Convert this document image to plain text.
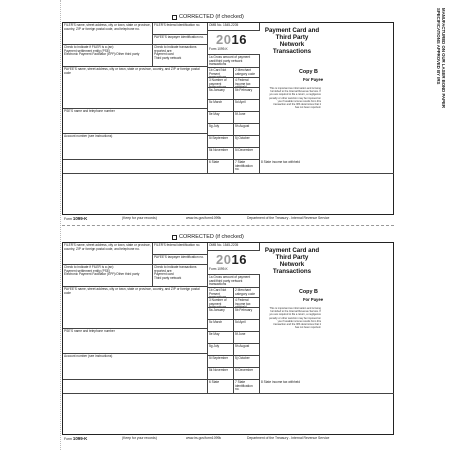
CORRECTED (if checked)
FILER'S name, street address, city or town, state or province, country, ZIP or foreign postal code, and telephone no.
FILER'S federal identification no.	OMB No. 1545-2205
PAYEE'S taxpayer identification no. 2016
Form 1099-K
Payment Card and Third Party Network Transactions
Copy B
For Payee
This is important tax information and is being furnished to the Internal Revenue Service. If you are required to file a return, a negligence penalty or other sanction may be imposed on you if taxable income results from this transaction and the IRS determines that it has not been reported.
Check to indicate if FILER is a (an):
Payment settlement entity (PSE)
Electronic Payment Facilitator (EPF)/Other third party
Check to indicate transactions reported are:
Payment card
Third party network	1a Gross amount of payment card/third party network transactions
PAYEE'S name, street address, city or town, state or province, country, and ZIP or foreign postal code
1b Card Not Present transactions
2 Merchant category code
3 Number of payment transactions
4 Federal income tax withheld
5a January	5b February
5c March	5d April
5e May	5f June
5g July	5h August
5i September	5j October
5k November	5l December
PSE'S name and telephone number
Account number (see instructions)
6 State	7 State identification no.
8 State income tax withheld
Form 1099-K	(Keep for your records)	www.irs.gov/form1099k	Department of the Treasury - Internal Revenue Service
CORRECTED (if checked)
FILER'S name, street address, city or town, state or province, country, ZIP or foreign postal code, and telephone no.
FILER'S federal identification no.	OMB No. 1545-2205
PAYEE'S taxpayer identification no. 2016
Form 1099-K
Payment Card and Third Party Network Transactions
Copy B
For Payee
This is important tax information and is being furnished to the Internal Revenue Service. If you are required to file a return, a negligence penalty or other sanction may be imposed on you if taxable income results from this transaction and the IRS determines that it has not been reported.
Check to indicate if FILER is a (an):
Payment settlement entity (PSE)
Electronic Payment Facilitator (EPF)/Other third party
Check to indicate transactions reported are:
Payment card
Third party network	1a Gross amount of payment card/third party network transactions
PAYEE'S name, street address, city or town, state or province, country, and ZIP or foreign postal code
1b Card Not Present transactions
2 Merchant category code
3 Number of payment transactions
4 Federal income tax withheld
5a January	5b February
5c March	5d April
5e May	5f June
5g July	5h August
5i September	5j October
5k November	5l December
PSE'S name and telephone number
Account number (see instructions)
6 State	7 State identification no.
8 State income tax withheld
Form 1099-K	(Keep for your records)	www.irs.gov/form1099k	Department of the Treasury - Internal Revenue Service
MANUFACTURED ON OUR LASER BOND PAPER
SPECIFICATIONS APPROVED BY IRS
